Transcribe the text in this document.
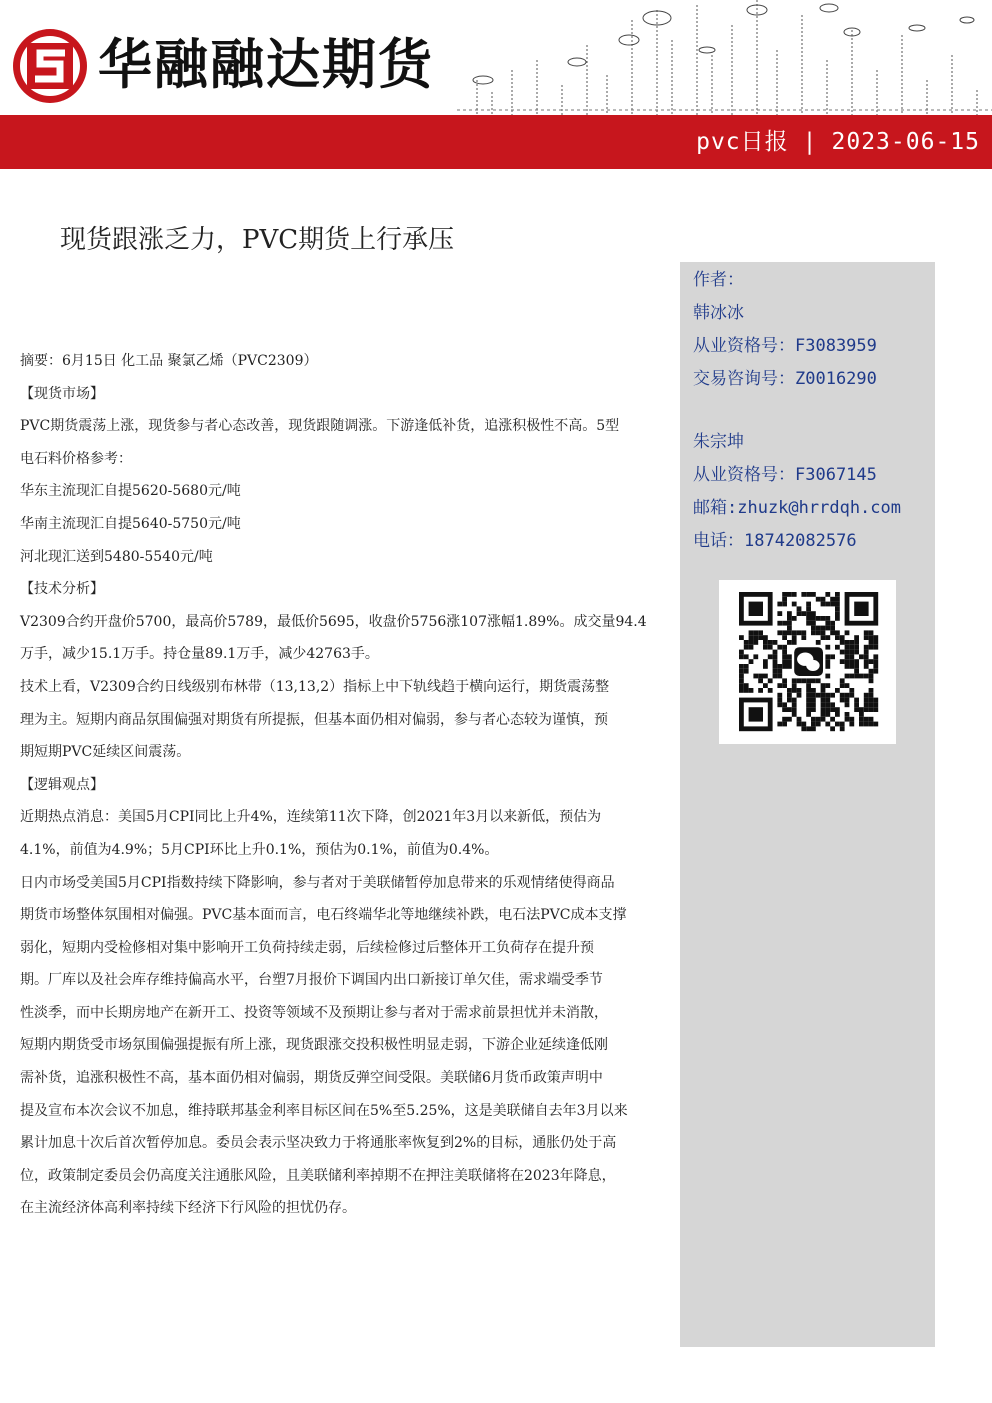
华融融达期货
pvc日报 | 2023-06-15
现货跟涨乏力，PVC期货上行承压
作者：
韩冰冰
从业资格号：F3083959
交易咨询号：Z0016290
朱宗坤
从业资格号：F3067145
邮箱:zhuzk@hrrdqh.com
电话：18742082576

摘要：6月15日 化工品 聚氯乙烯（PVC2309）

【现货市场】

PVC期货震荡上涨，现货参与者心态改善，现货跟随调涨。下游逢低补货，追涨积极性不高。5型

电石料价格参考：

华东主流现汇自提5620-5680元/吨

华南主流现汇自提5640-5750元/吨

河北现汇送到5480-5540元/吨

【技术分析】

V2309合约开盘价5700，最高价5789，最低价5695，收盘价5756涨107涨幅1.89%。成交量94.4

万手，减少15.1万手。持仓量89.1万手，减少42763手。

技术上看，V2309合约日线级别布林带（13,13,2）指标上中下轨线趋于横向运行，期货震荡整

理为主。短期内商品氛围偏强对期货有所提振，但基本面仍相对偏弱，参与者心态较为谨慎，预

期短期PVC延续区间震荡。

【逻辑观点】

近期热点消息：美国5月CPI同比上升4%，连续第11次下降，创2021年3月以来新低，预估为

4.1%，前值为4.9%；5月CPI环比上升0.1%，预估为0.1%，前值为0.4%。

日内市场受美国5月CPI指数持续下降影响，参与者对于美联储暂停加息带来的乐观情绪使得商品

期货市场整体氛围相对偏强。PVC基本面而言，电石终端华北等地继续补跌，电石法PVC成本支撑

弱化，短期内受检修相对集中影响开工负荷持续走弱，后续检修过后整体开工负荷存在提升预

期。厂库以及社会库存维持偏高水平，台塑7月报价下调国内出口新接订单欠佳，需求端受季节

性淡季，而中长期房地产在新开工、投资等领域不及预期让参与者对于需求前景担忧并未消散，

短期内期货受市场氛围偏强提振有所上涨，现货跟涨交投积极性明显走弱，下游企业延续逢低刚

需补货，追涨积极性不高，基本面仍相对偏弱，期货反弹空间受限。美联储6月货币政策声明中

提及宣布本次会议不加息，维持联邦基金利率目标区间在5%至5.25%，这是美联储自去年3月以来

累计加息十次后首次暂停加息。委员会表示坚决致力于将通胀率恢复到2%的目标，通胀仍处于高

位，政策制定委员会仍高度关注通胀风险，且美联储利率掉期不在押注美联储将在2023年降息，

在主流经济体高利率持续下经济下行风险的担忧仍存。
